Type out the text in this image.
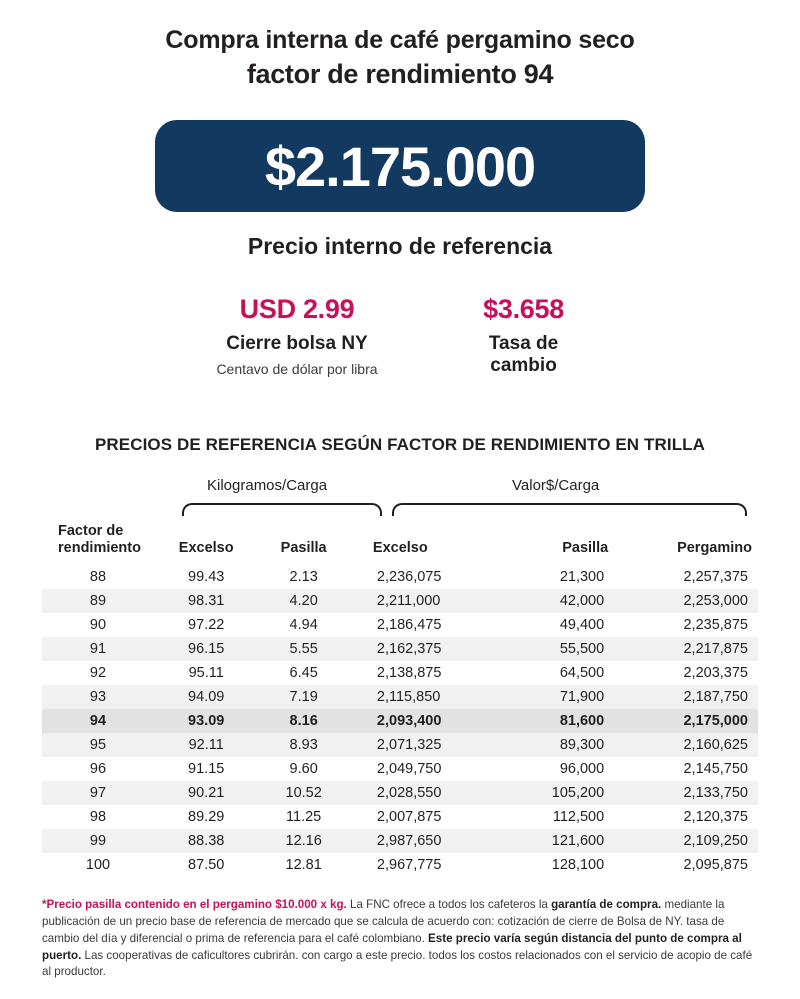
Compra interna de café pergamino seco
factor de rendimiento 94
$2.175.000
Precio interno de referencia
USD 2.99
Cierre bolsa NY
Centavo de dólar por libra
$3.658
Tasa de cambio
PRECIOS DE REFERENCIA SEGÚN FACTOR DE RENDIMIENTO EN TRILLA
Kilogramos/Carga	Valor$/Carga
Factor de rendimiento	Excelso	Pasilla	Excelso	Pasilla	Pergamino
88	99.43	2.13	2,236,075	21,300	2,257,375
89	98.31	4.20	2,211,000	42,000	2,253,000
90	97.22	4.94	2,186,475	49,400	2,235,875
91	96.15	5.55	2,162,375	55,500	2,217,875
92	95.11	6.45	2,138,875	64,500	2,203,375
93	94.09	7.19	2,115,850	71,900	2,187,750
94	93.09	8.16	2,093,400	81,600	2,175,000
95	92.11	8.93	2,071,325	89,300	2,160,625
96	91.15	9.60	2,049,750	96,000	2,145,750
97	90.21	10.52	2,028,550	105,200	2,133,750
98	89.29	11.25	2,007,875	112,500	2,120,375
99	88.38	12.16	2,987,650	121,600	2,109,250
100	87.50	12.81	2,967,775	128,100	2,095,875
*Precio pasilla contenido en el pergamino $10.000 x kg. La FNC ofrece a todos los cafeteros la garantía de compra. mediante la publicación de un precio base de referencia de mercado que se calcula de acuerdo con: cotización de cierre de Bolsa de NY. tasa de cambio del día y diferencial o prima de referencia para el café colombiano. Este precio varía según distancia del punto de compra al puerto. Las cooperativas de caficultores cubrirán. con cargo a este precio. todos los costos relacionados con el servicio de acopio de café al productor.
